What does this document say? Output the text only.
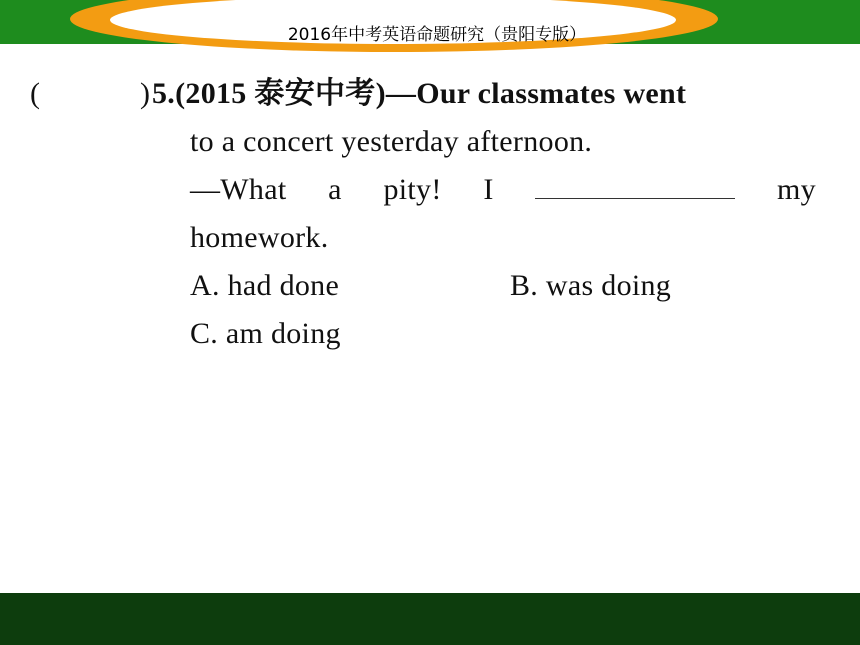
2016年中考英语命题研究（贵阳专版）
(	) 5.(2015 泰安中考)—Our classmates went
to a concert yesterday afternoon.
—What a pity! I	my
homework.
A. had done	B. was doing
C. am doing
